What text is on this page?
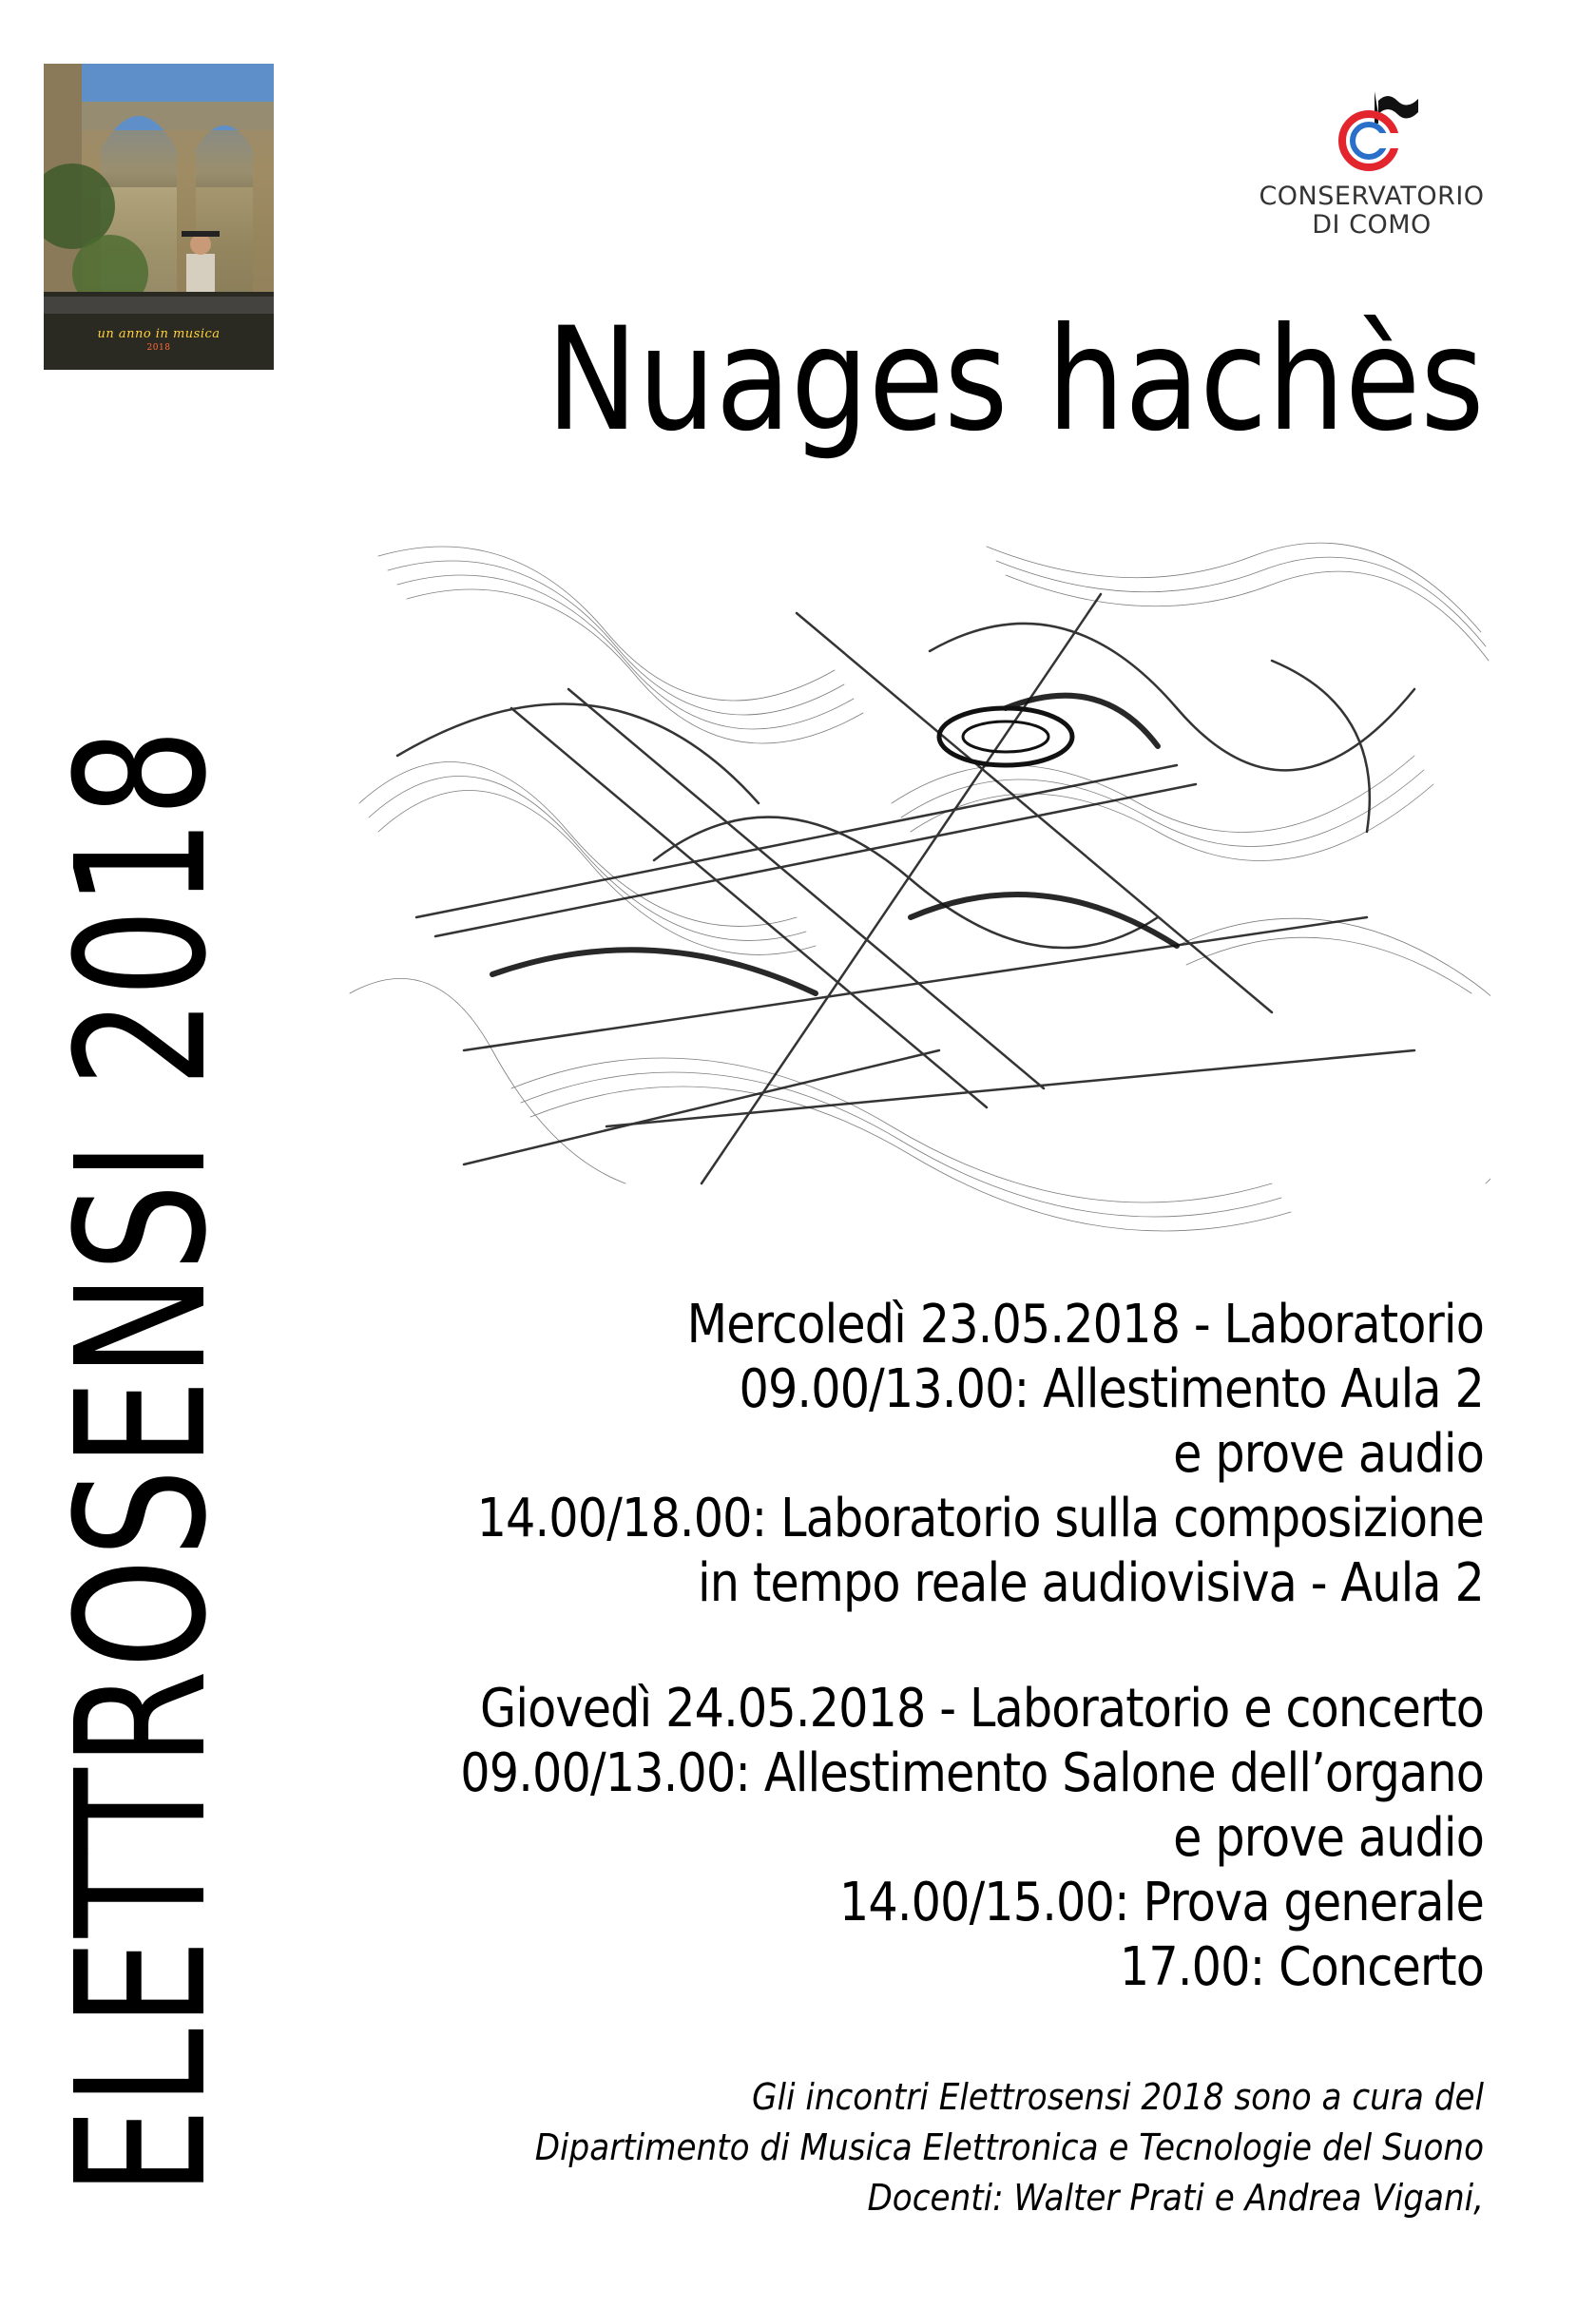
un anno in musica
2018
ELETTROSENSI2018
CONSERVATORIO
DI COMO
Nuages hachès
Mercoledì 23.05.2018 - Laboratorio
09.00/13.00: Allestimento Aula 2
e prove audio
14.00/18.00: Laboratorio sulla composizione
in tempo reale audiovisiva - Aula 2
Giovedì 24.05.2018 - Laboratorio e concerto
09.00/13.00: Allestimento Salone dell’organo
e prove audio
14.00/15.00: Prova generale
17.00: Concerto
Gli incontri Elettrosensi 2018 sono a cura del
Dipartimento di Musica Elettronica e Tecnologie del Suono
Docenti: Walter Prati e Andrea Vigani,
